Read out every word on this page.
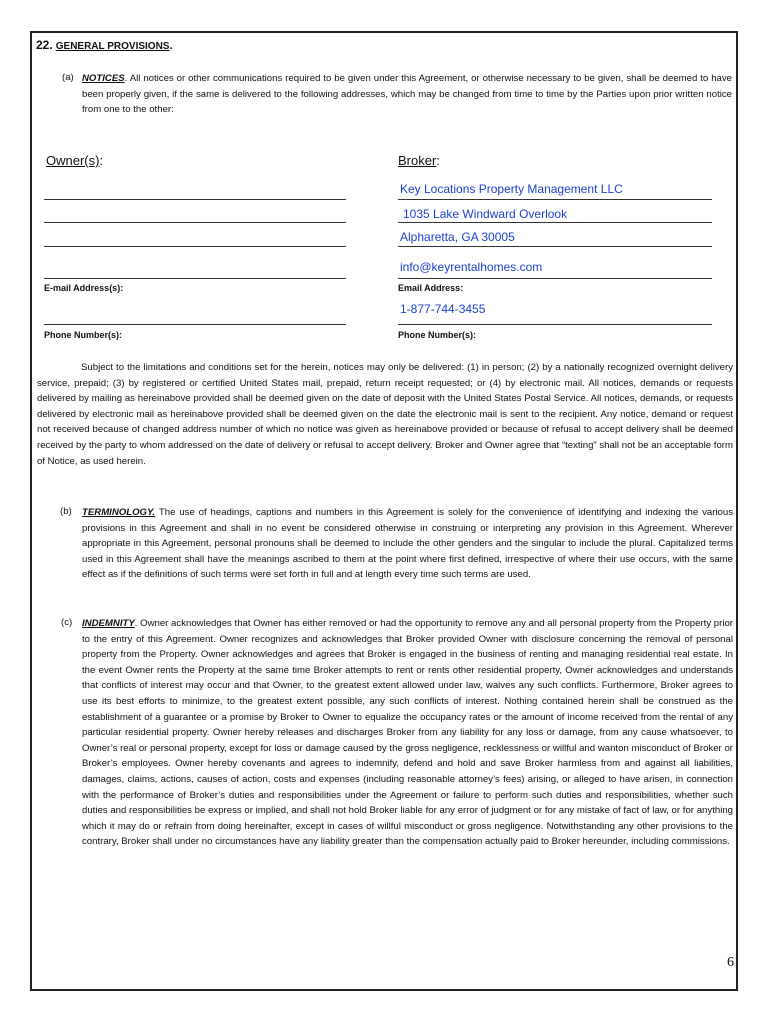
22. GENERAL PROVISIONS.
(a) NOTICES. All notices or other communications required to be given under this Agreement, or otherwise necessary to be given, shall be deemed to have been properly given, if the same is delivered to the following addresses, which may be changed from time to time by the Parties upon prior written notice from one to the other:
Owner(s):	Broker:
E-mail Address(s):
Phone Number(s):
Key Locations Property Management LLC
1035 Lake Windward Overlook
Alpharetta, GA 30005
info@keyrentalhomes.com
Email Address:
1-877-744-3455
Phone Number(s):
Subject to the limitations and conditions set for the herein, notices may only be delivered: (1) in person; (2) by a nationally recognized overnight delivery service, prepaid; (3) by registered or certified United States mail, prepaid, return receipt requested; or (4) by electronic mail. All notices, demands or requests delivered by mailing as hereinabove provided shall be deemed given on the date of deposit with the United States Postal Service. All notices, demands, or requests delivered by electronic mail as hereinabove provided shall be deemed given on the date the electronic mail is sent to the recipient. Any notice, demand or request not received because of changed address number of which no notice was given as hereinabove provided or because of refusal to accept delivery shall be deemed received by the party to whom addressed on the date of delivery or refusal to accept delivery. Broker and Owner agree that “texting” shall not be an acceptable form of Notice, as used herein.
(b) TERMINOLOGY. The use of headings, captions and numbers in this Agreement is solely for the convenience of identifying and indexing the various provisions in this Agreement and shall in no event be considered otherwise in construing or interpreting any provision in this Agreement. Wherever appropriate in this Agreement, personal pronouns shall be deemed to include the other genders and the singular to include the plural. Capitalized terms used in this Agreement shall have the meanings ascribed to them at the point where first defined, irrespective of where their use occurs, with the same effect as if the definitions of such terms were set forth in full and at length every time such terms are used.
(c) INDEMNITY. Owner acknowledges that Owner has either removed or had the opportunity to remove any and all personal property from the Property prior to the entry of this Agreement. Owner recognizes and acknowledges that Broker provided Owner with disclosure concerning the removal of personal property from the Property. Owner acknowledges and agrees that Broker is engaged in the business of renting and managing residential real estate. In the event Owner rents the Property at the same time Broker attempts to rent or rents other residential property, Owner acknowledges and understands that conflicts of interest may occur and that Owner, to the greatest extent allowed under law, waives any such conflicts. Furthermore, Broker agrees to use its best efforts to minimize, to the greatest extent possible, any such conflicts of interest. Nothing contained herein shall be construed as the establishment of a guarantee or a promise by Broker to Owner to equalize the occupancy rates or the amount of income received from the rental of any particular residential property. Owner hereby releases and discharges Broker from any liability for any loss or damage, from any cause whatsoever, to Owner’s real or personal property, except for loss or damage caused by the gross negligence, recklessness or willful and wanton misconduct of Broker or Broker’s employees. Owner hereby covenants and agrees to indemnify, defend and hold and save Broker harmless from and against all liabilities, damages, claims, actions, causes of action, costs and expenses (including reasonable attorney’s fees) arising, or alleged to have arisen, in connection with the performance of Broker’s duties and responsibilities under the Agreement or failure to perform such duties and responsibilities, whether such duties and responsibilities be express or implied, and shall not hold Broker liable for any error of judgment or for any mistake of fact of law, or for anything which it may do or refrain from doing hereinafter, except in cases of willful misconduct or gross negligence. Notwithstanding any other provisions to the contrary, Broker shall under no circumstances have any liability greater than the compensation actually paid to Broker hereunder, including commissions.
6
